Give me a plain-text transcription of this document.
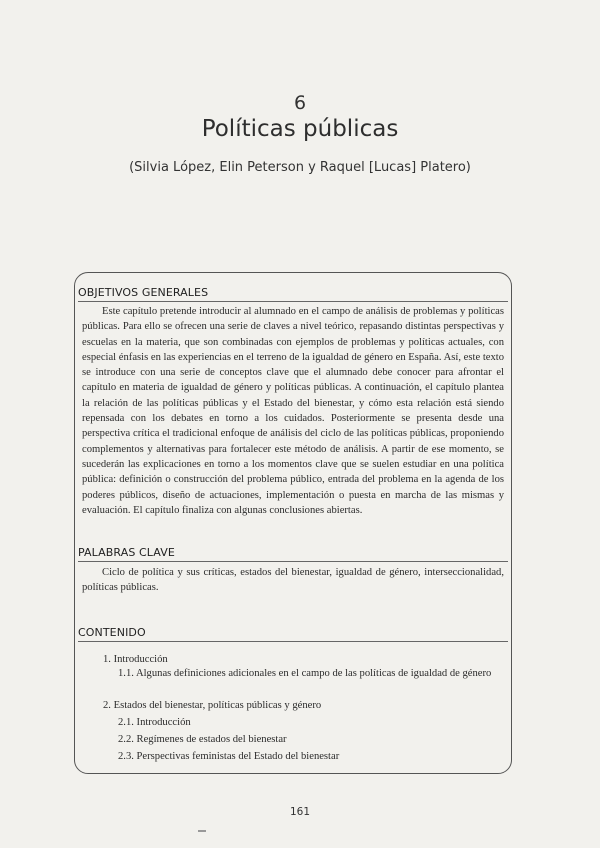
6
Políticas públicas
(Silvia López, Elin Peterson y Raquel [Lucas] Platero)
OBJETIVOS GENERALES

Este capítulo pretende introducir al alumnado en el campo de análisis de problemas y políticas públicas. Para ello se ofrecen una serie de claves a nivel teórico, repasando distintas perspectivas y escuelas en la materia, que son combinadas con ejemplos de problemas y políticas actuales, con especial énfasis en las experiencias en el terreno de la igualdad de género en España. Así, este texto se introduce con una serie de conceptos clave que el alumnado debe conocer para afrontar el capítulo en materia de igualdad de género y políticas públicas. A continuación, el capítulo plantea la relación de las políticas públicas y el Estado del bienestar, y cómo esta relación está siendo repensada con los debates en torno a los cuidados. Posteriormente se presenta desde una perspectiva crítica el tradicional enfoque de análisis del ciclo de las políticas públicas, proponiendo complementos y alternativas para fortalecer este método de análisis. A partir de ese momento, se sucederán las explicaciones en torno a los momentos clave que se suelen estudiar en una política pública: definición o construcción del problema público, entrada del problema en la agenda de los poderes públicos, diseño de actuaciones, implementación o puesta en marcha de las mismas y evaluación. El capítulo finaliza con algunas conclusiones abiertas.

PALABRAS CLAVE

Ciclo de política y sus críticas, estados del bienestar, igualdad de género, interseccionalidad, políticas públicas.

CONTENIDO
1. Introducción
1.1. Algunas definiciones adicionales en el campo de las políticas de igualdad de género
2. Estados del bienestar, políticas públicas y género
2.1. Introducción
2.2. Regímenes de estados del bienestar
2.3. Perspectivas feministas del Estado del bienestar
161
